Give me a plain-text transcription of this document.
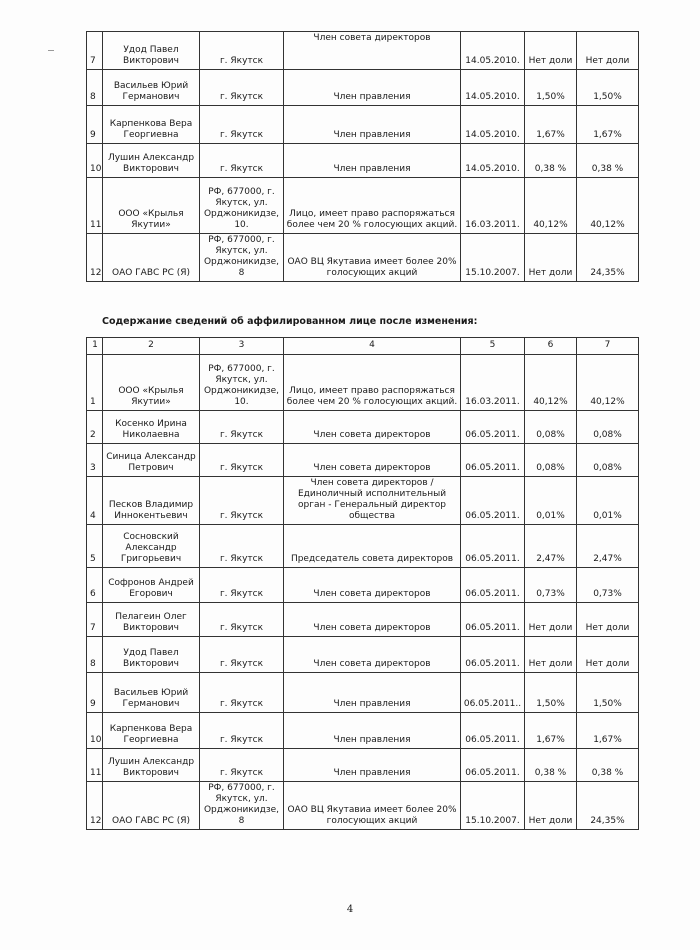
7	Удод Павел Викторович	г. Якутск	Член совета директоров	14.05.2010.	Нет доли	Нет доли
8	Васильев Юрий Германович	г. Якутск	Член правления	14.05.2010.	1,50%	1,50%
9	Карпенкова Вера Георгиевна	г. Якутск	Член правления	14.05.2010.	1,67%	1,67%
10	Лушин Александр Викторович	г. Якутск	Член правления	14.05.2010.	0,38 %	0,38 %
11	ООО «Крылья Якутии»	РФ, 677000, г. Якутск, ул. Орджоникидзе, 10.	Лицо, имеет право распоряжаться более чем 20 % голосующих акций.	16.03.2011.	40,12%	40,12%
12	ОАО ГАВС РС (Я)	РФ, 677000, г. Якутск, ул. Орджоникидзе, 8	ОАО ВЦ Якутавиа имеет более 20% голосующих акций	15.10.2007.	Нет доли	24,35%
Содержание сведений об аффилированном лице после изменения:
1	2	3	4	5	6	7
1	ООО «Крылья Якутии»	РФ, 677000, г. Якутск, ул. Орджоникидзе, 10.	Лицо, имеет право распоряжаться более чем 20 % голосующих акций.	16.03.2011.	40,12%	40,12%
2	Косенко Ирина Николаевна	г. Якутск	Член совета директоров	06.05.2011.	0,08%	0,08%
3	Синица Александр Петрович	г. Якутск	Член совета директоров	06.05.2011.	0,08%	0,08%
4	Песков Владимир Иннокентьевич	г. Якутск	Член совета директоров / Единоличный исполнительный орган - Генеральный директор общества	06.05.2011.	0,01%	0,01%
5	Сосновский Александр Григорьевич	г. Якутск	Председатель совета директоров	06.05.2011.	2,47%	2,47%
6	Софронов Андрей Егорович	г. Якутск	Член совета директоров	06.05.2011.	0,73%	0,73%
7	Пелагеин Олег Викторович	г. Якутск	Член совета директоров	06.05.2011.	Нет доли	Нет доли
8	Удод Павел Викторович	г. Якутск	Член совета директоров	06.05.2011.	Нет доли	Нет доли
9	Васильев Юрий Германович	г. Якутск	Член правления	06.05.2011..	1,50%	1,50%
10	Карпенкова Вера Георгиевна	г. Якутск	Член правления	06.05.2011.	1,67%	1,67%
11	Лушин Александр Викторович	г. Якутск	Член правления	06.05.2011.	0,38 %	0,38 %
12	ОАО ГАВС РС (Я)	РФ, 677000, г. Якутск, ул. Орджоникидзе, 8	ОАО ВЦ Якутавиа имеет более 20% голосующих акций	15.10.2007.	Нет доли	24,35%
4
